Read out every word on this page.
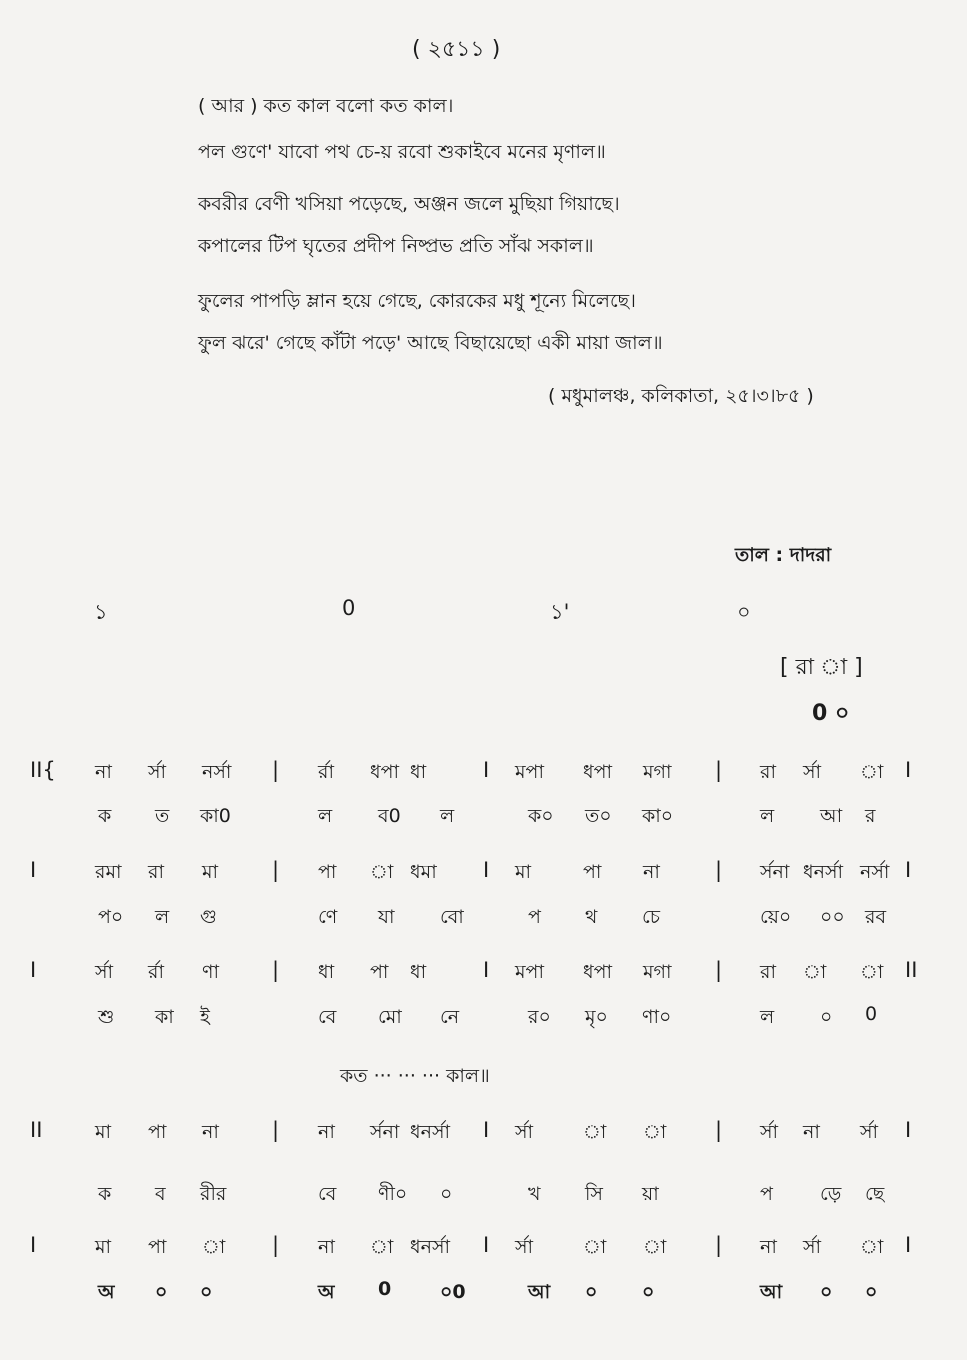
( ২৫১১ )
( আর ) কত কাল বলো কত কাল।
পল গুণে' যাবো পথ চে-য় রবো শুকাইবে মনের মৃণাল॥
কবরীর বেণী খসিয়া পড়েছে, অঞ্জন জলে মুছিয়া গিয়াছে।
কপালের টিপ ঘৃতের প্রদীপ নিষ্প্রভ প্রতি সাঁঝ সকাল॥
ফুলের পাপড়ি ম্লান হয়ে গেছে, কোরকের মধু শূন্যে মিলেছে।
ফুল ঝরে' গেছে কাঁটা পড়ে' আছে বিছায়েছো একী মায়া জাল॥
( মধুমালঞ্চ, কলিকাতা, ২৫।৩।৮৫ )
তাল : দাদরা
১	0	১'	০
[ রা া ]
0 ০
II{ না র্সা নর্সা | র্রা ধপা ধা	I মপা ধপা মগা | রা র্সা া I
ক ত কা0	ল ব0 ল	ক০ ত০ কা০	ল আ র
I	রমা রা মা	| পা া ধমা I মা	পা না	| র্সনা ধনর্সা নর্সা I
প০ ল গু	ণে যা বো	প থ চে	য়ে০ ০০ রব
I	র্সা র্রা ণা	| ধা পা ধা	I মপা ধপা মগা | রা া া II
শু কা ই	বে মো নে	র০ মৃ০ ণা০	ল ০ 0
II	মা পা না	| না র্সনা ধনর্সা I র্সা	া া | র্সা না র্সা I
ক ব রীর	বে ণী০ ০	খ সি য়া	প ড়ে ছে
I	মা পা া | না া ধনর্সা I র্সা	া া | না র্সা া I
অ ০ ০	অ 0	০0	আ ০ ০	আ ০ ০
কত ··· ··· ··· কাল॥
